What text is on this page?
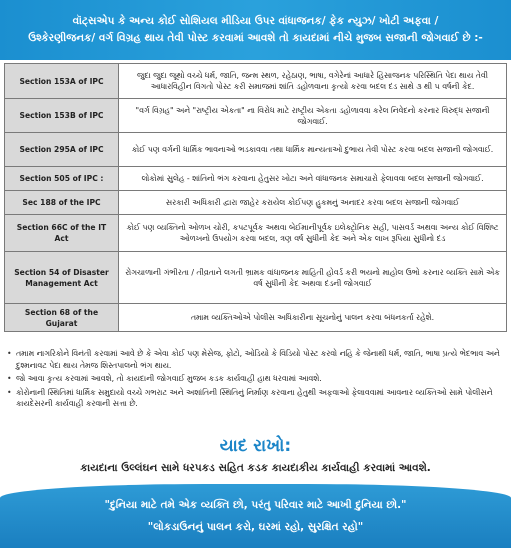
વૉટ્સએપ કે અન્ય કોઈ સોશિયલ મીડિયા ઉપર વાંધાજનક/ ફેક ન્યુઝ/ ખોટી અફવા /
ઉશ્કેરણીજનક/ વર્ગ વિગ્રહ થાય તેવી પોસ્ટ કરવામાં આવશે તો કાયદામાં નીચે મુજબ સજાની જોગવાઈ છે :-
Section 153A of IPC	જુદા જુદા જૂથો વચ્ચે ધર્મ, જાતિ, જન્મ સ્થળ, રહેઠાણ, ભાષા, વગેરેનાં આધારે હિંસાજનક પરિસ્થિતિ પેદા થાય તેવી આધારવિહીન વિગતો પોસ્ટ કરી સમાજમાં શાંતિ ડહોળવાના કૃત્યો કરવા બદલ દંડ સાથે ૩ થી ૫ વર્ષની કેદ.
Section 153B of IPC	"વર્ગ વિગ્રહ" અને "રાષ્ટ્રીય એકતા" ના વિરોધ માટે રાષ્ટ્રીય એકતા ડહોળાવવા કરેલ નિવેદનો કરનાર વિરુદ્ધ સજાની જોગવાઈ.
Section 295A of IPC	કોઈ પણ વર્ગની ધાર્મિક ભાવનાઓ ભડકાવવા તથા ધાર્મિક માન્યતાઓ દુભાય તેવી પોસ્ટ કરવા બદલ સજાની જોગવાઈ.
Section 505 of IPC :	લોકોમાં સુલેહ - શાંતિનો ભંગ કરવાના હેતુસર ખોટા અને વાંધાજનક સમાચારો ફેલાવવા બદલ સજાની જોગવાઈ.
Sec 188 of the IPC	સરકારી અધિકારી દ્વારા જાહેર કરાયેલ કોઈપણ હુકમનું અનાદર કરવા બદલ સજાની જોગવાઈ
Section 66C of the IT Act	કોઈ પણ વ્યક્તિનો ઓળખ ચોરી, કપટપૂર્વક અથવા બેઈમાનીપૂર્વક ઇલેક્ટ્રોનિક સહી, પાસવર્ડ અથવા અન્ય કોઈ વિશિષ્ટ ઓળખનો ઉપયોગ કરવા બદલ, ત્રણ વર્ષ સુધીની કેદ અને એક લાખ રૂપિયા સુધીનો દંડ
Section 54 of Disaster Management Act	રોગચાળાની ગંભીરતા / તીવ્રતાને લગતી ભ્રામક વાંધાજનક માહિતી હોવર્ડ કરી ભયનો માહોલ ઉભો કરનાર વ્યક્તિ સામે એક વર્ષ સુધીની કેદ અથવા દંડની જોગવાઈ
Section 68 of the Gujarat	તમામ વ્યક્તિઓએ પોલીસ અધિકારીના સૂચનોનું પાલન કરવા બંધનકર્તા રહેશે.
• તમામ નાગરિકોને વિનંતી કરવામાં આવે છે કે એવા કોઈ પણ મેસેજ, ફોટો, ઓડિયો કે વિડિયો પોસ્ટ કરવો નહિ કે જેનાથી ધર્મ, જાતિ, ભાષા પ્રત્યે ભેદભાવ અને દુશ્મનાવટ પેદા થાય તેમજ શિસ્તપાલનો ભંગ થાય.
• જો આવા કૃત્ય કરવામાં આવશે, તો કાયદાની જોગવાઈ મુજબ કડક કાર્યવાહી હાથ ધરવામાં આવશે.
• કોરોનાની સ્થિતિમાં ધાર્મિક સમુદાયો વચ્ચે ગભરાટ અને અશાંતિની સ્થિતિનું નિર્માણ કરવાના હેતુથી અફવાઓ ફેલાવવામાં આવનાર વ્યક્તિઓ સામે પોલીસને કાયદેસરની કાર્યવાહી કરવાની સત્તા છે.
યાદ રાખો:
કાયદાના ઉલ્લંઘન સામે ધરપકડ સહિત કડક કાયદાકીય કાર્યવાહી કરવામાં આવશે.
"દુનિયા માટે તમે એક વ્યક્તિ છો, પરંતુ પરિવાર માટે આખી દુનિયા છો."
"લોકડાઉનનું પાલન કરો, ઘરમાં રહો, સુરક્ષિત રહો"
